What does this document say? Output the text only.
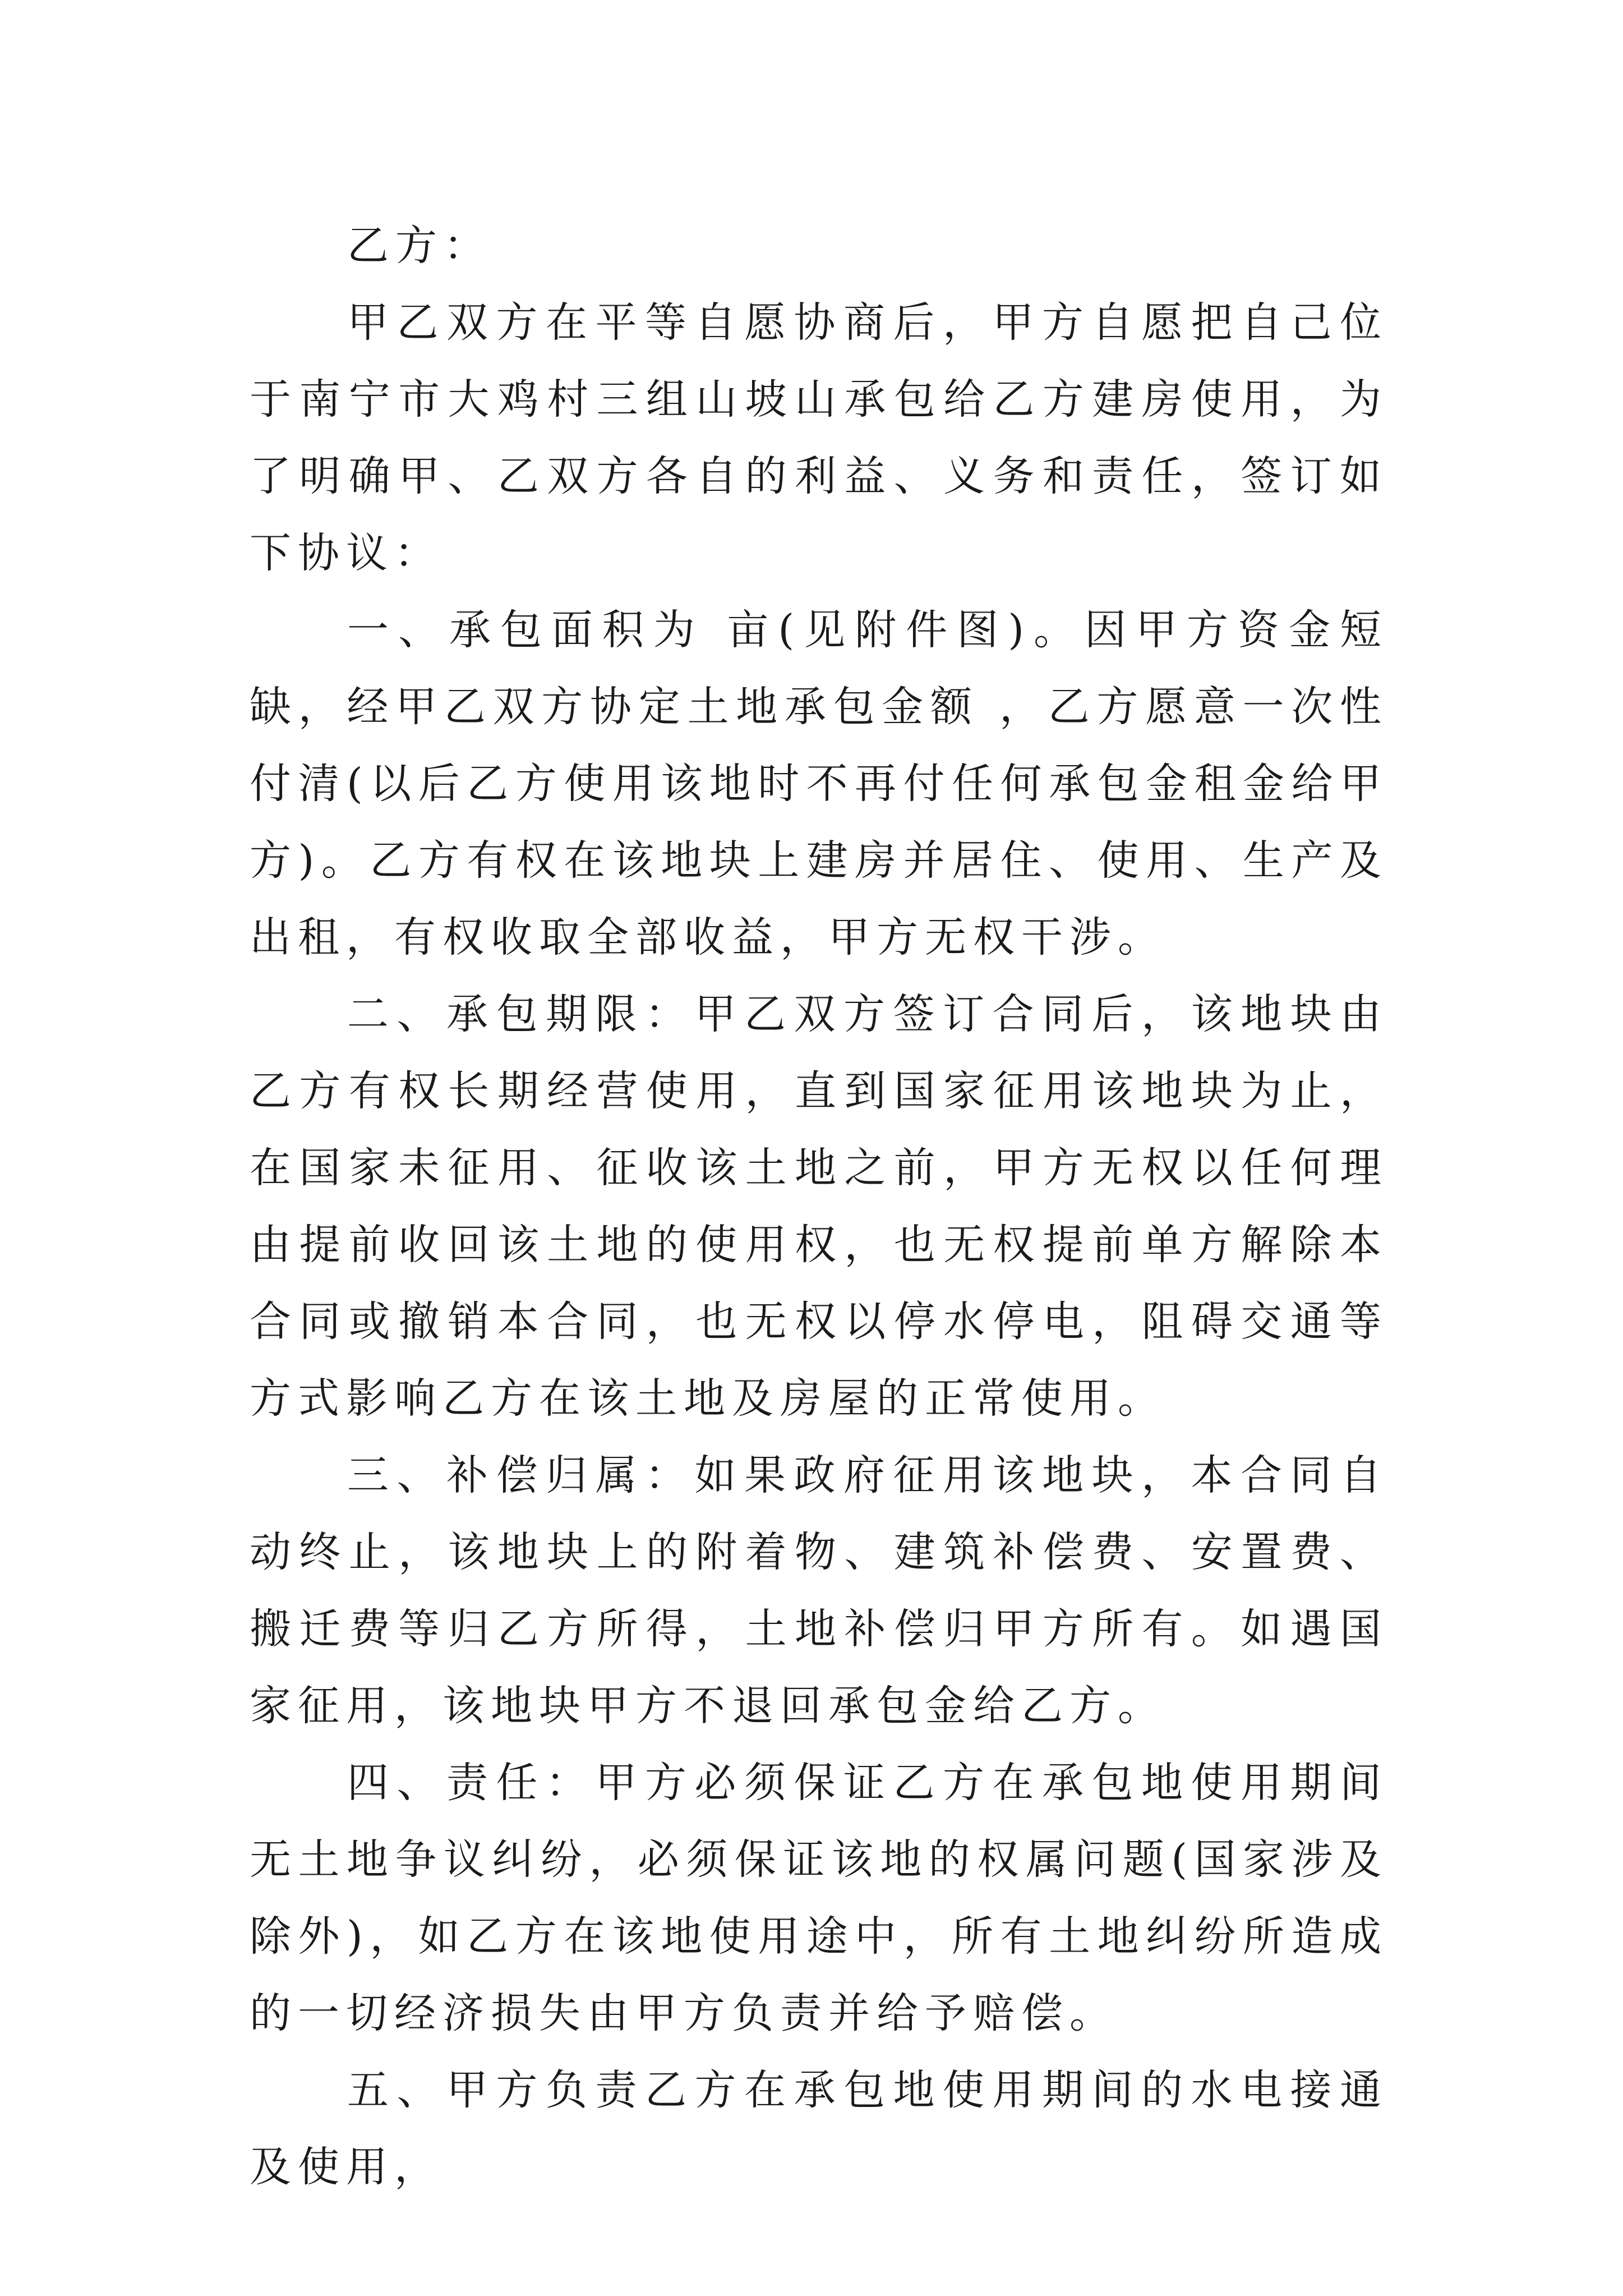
乙方：

甲乙双方在平等自愿协商后，甲方自愿把自己位于南宁市大鸡村三组山坡山承包给乙方建房使用，为了明确甲、乙双方各自的利益、义务和责任，签订如下协议：

一、承包面积为 亩(见附件图)。因甲方资金短缺，经甲乙双方协定土地承包金额 ，乙方愿意一次性付清(以后乙方使用该地时不再付任何承包金租金给甲方)。乙方有权在该地块上建房并居住、使用、生产及出租，有权收取全部收益，甲方无权干涉。

二、承包期限：甲乙双方签订合同后，该地块由乙方有权长期经营使用，直到国家征用该地块为止，在国家未征用、征收该土地之前，甲方无权以任何理由提前收回该土地的使用权，也无权提前单方解除本合同或撤销本合同，也无权以停水停电，阻碍交通等方式影响乙方在该土地及房屋的正常使用。

三、补偿归属：如果政府征用该地块，本合同自动终止，该地块上的附着物、建筑补偿费、安置费、搬迁费等归乙方所得，土地补偿归甲方所有。如遇国家征用，该地块甲方不退回承包金给乙方。

四、责任：甲方必须保证乙方在承包地使用期间无土地争议纠纷，必须保证该地的权属问题(国家涉及除外)，如乙方在该地使用途中，所有土地纠纷所造成的一切经济损失由甲方负责并给予赔偿。

五、甲方负责乙方在承包地使用期间的水电接通及使用，
